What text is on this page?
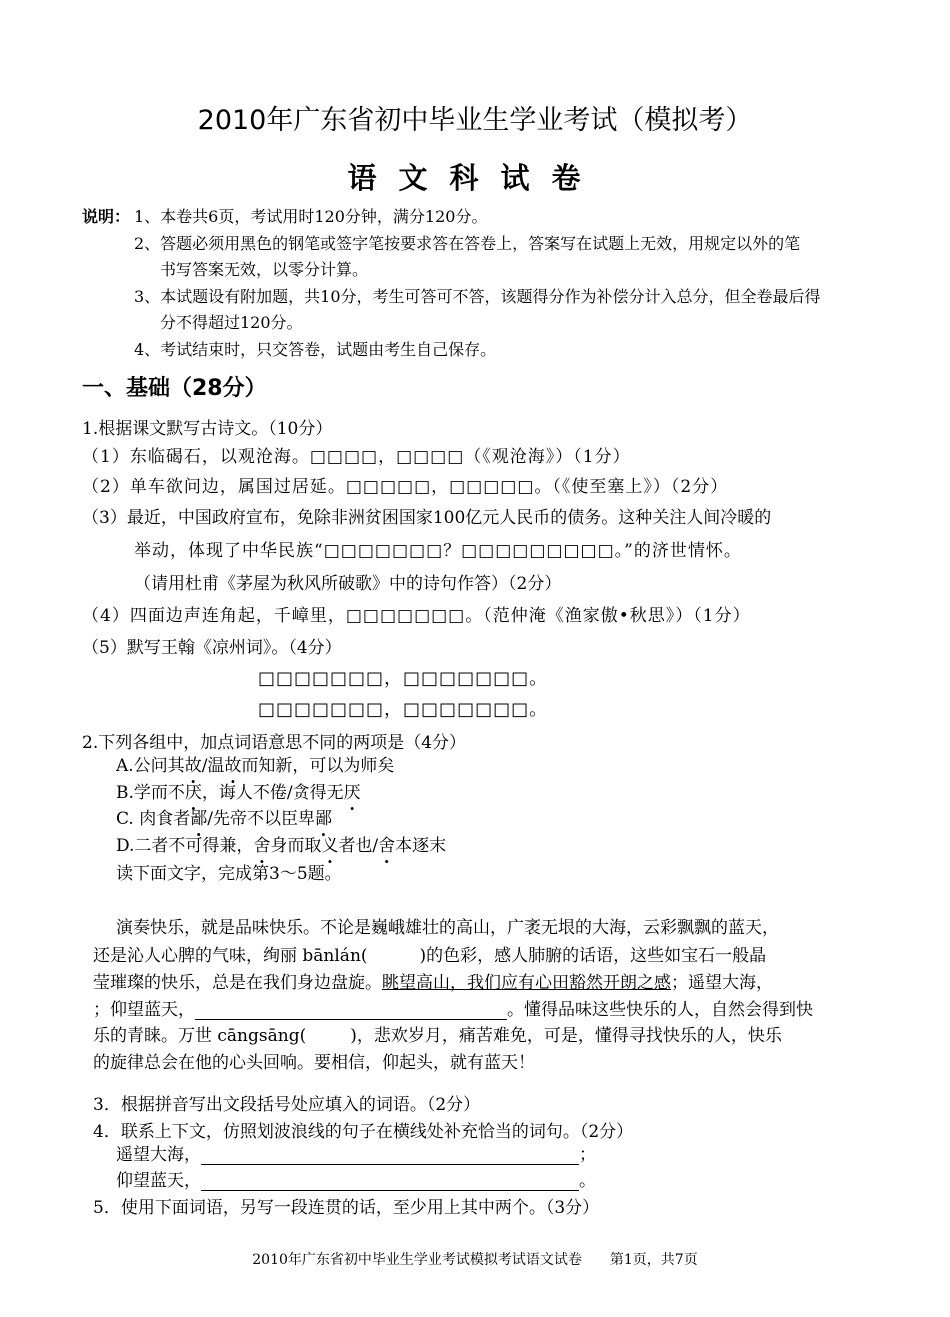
2010年广东省初中毕业生学业考试（模拟考）
语文科试卷
说明： 1、本卷共6页，考试用时120分钟，满分120分。
2、答题必须用黑色的钢笔或签字笔按要求答在答卷上，答案写在试题上无效，用规定以外的笔
书写答案无效，以零分计算。
3、本试题设有附加题，共10分，考生可答可不答，该题得分作为补偿分计入总分，但全卷最后得
分不得超过120分。
4、考试结束时，只交答卷，试题由考生自己保存。
一、基础（28分）
1.根据课文默写古诗文。（10分）
（1）东临碣石，以观沧海。□□□□，□□□□（《观沧海》）（1分）
（2）单车欲问边，属国过居延。□□□□□，□□□□□。（《使至塞上》）（2分）
（3）最近，中国政府宣布，免除非洲贫困国家100亿元人民币的债务。这种关注人间冷暖的
举动，体现了中华民族“□□□□□□□？□□□□□□□□□。”的济世情怀。
（请用杜甫《茅屋为秋风所破歌》中的诗句作答）（2分）
（4）四面边声连角起，千嶂里，□□□□□□□。（范仲淹《渔家傲•秋思》）（1分）
（5）默写王翰《凉州词》。（4分）
□□□□□□□，□□□□□□□。
□□□□□□□，□□□□□□□。
2.下列各组中，加点词语意思不同的两项是（4分）
A.公问其故/温故而知新，可以为师矣
B.学而不厌，诲人不倦/贪得无厌
C. 肉食者鄙/先帝不以臣卑鄙
D.二者不可得兼，舍身而取义者也/舍本逐末
读下面文字，完成第3～5题。
演奏快乐，就是品味快乐。不论是巍峨雄壮的高山，广袤无垠的大海，云彩飘飘的蓝天，
还是沁人心脾的气味，绚丽 bānlán(	)的色彩，感人肺腑的话语，这些如宝石一般晶
莹璀璨的快乐，总是在我们身边盘旋。眺望高山，我们应有心田豁然开朗之感；遥望大海，
；仰望蓝天，	。懂得品味这些快乐的人，自然会得到快
乐的青睐。万世 cāngsāng(	)，悲欢岁月，痛苦难免，可是，懂得寻找快乐的人，快乐
的旋律总会在他的心头回响。要相信，仰起头，就有蓝天！
3．根据拼音写出文段括号处应填入的词语。（2分）
4．联系上下文，仿照划波浪线的句子在横线处补充恰当的词句。（2分）
遥望大海，	；
仰望蓝天，	。
5．使用下面词语，另写一段连贯的话，至少用上其中两个。（3分）
2010年广东省初中毕业生学业考试模拟考试语文试卷　　第1页，共7页
